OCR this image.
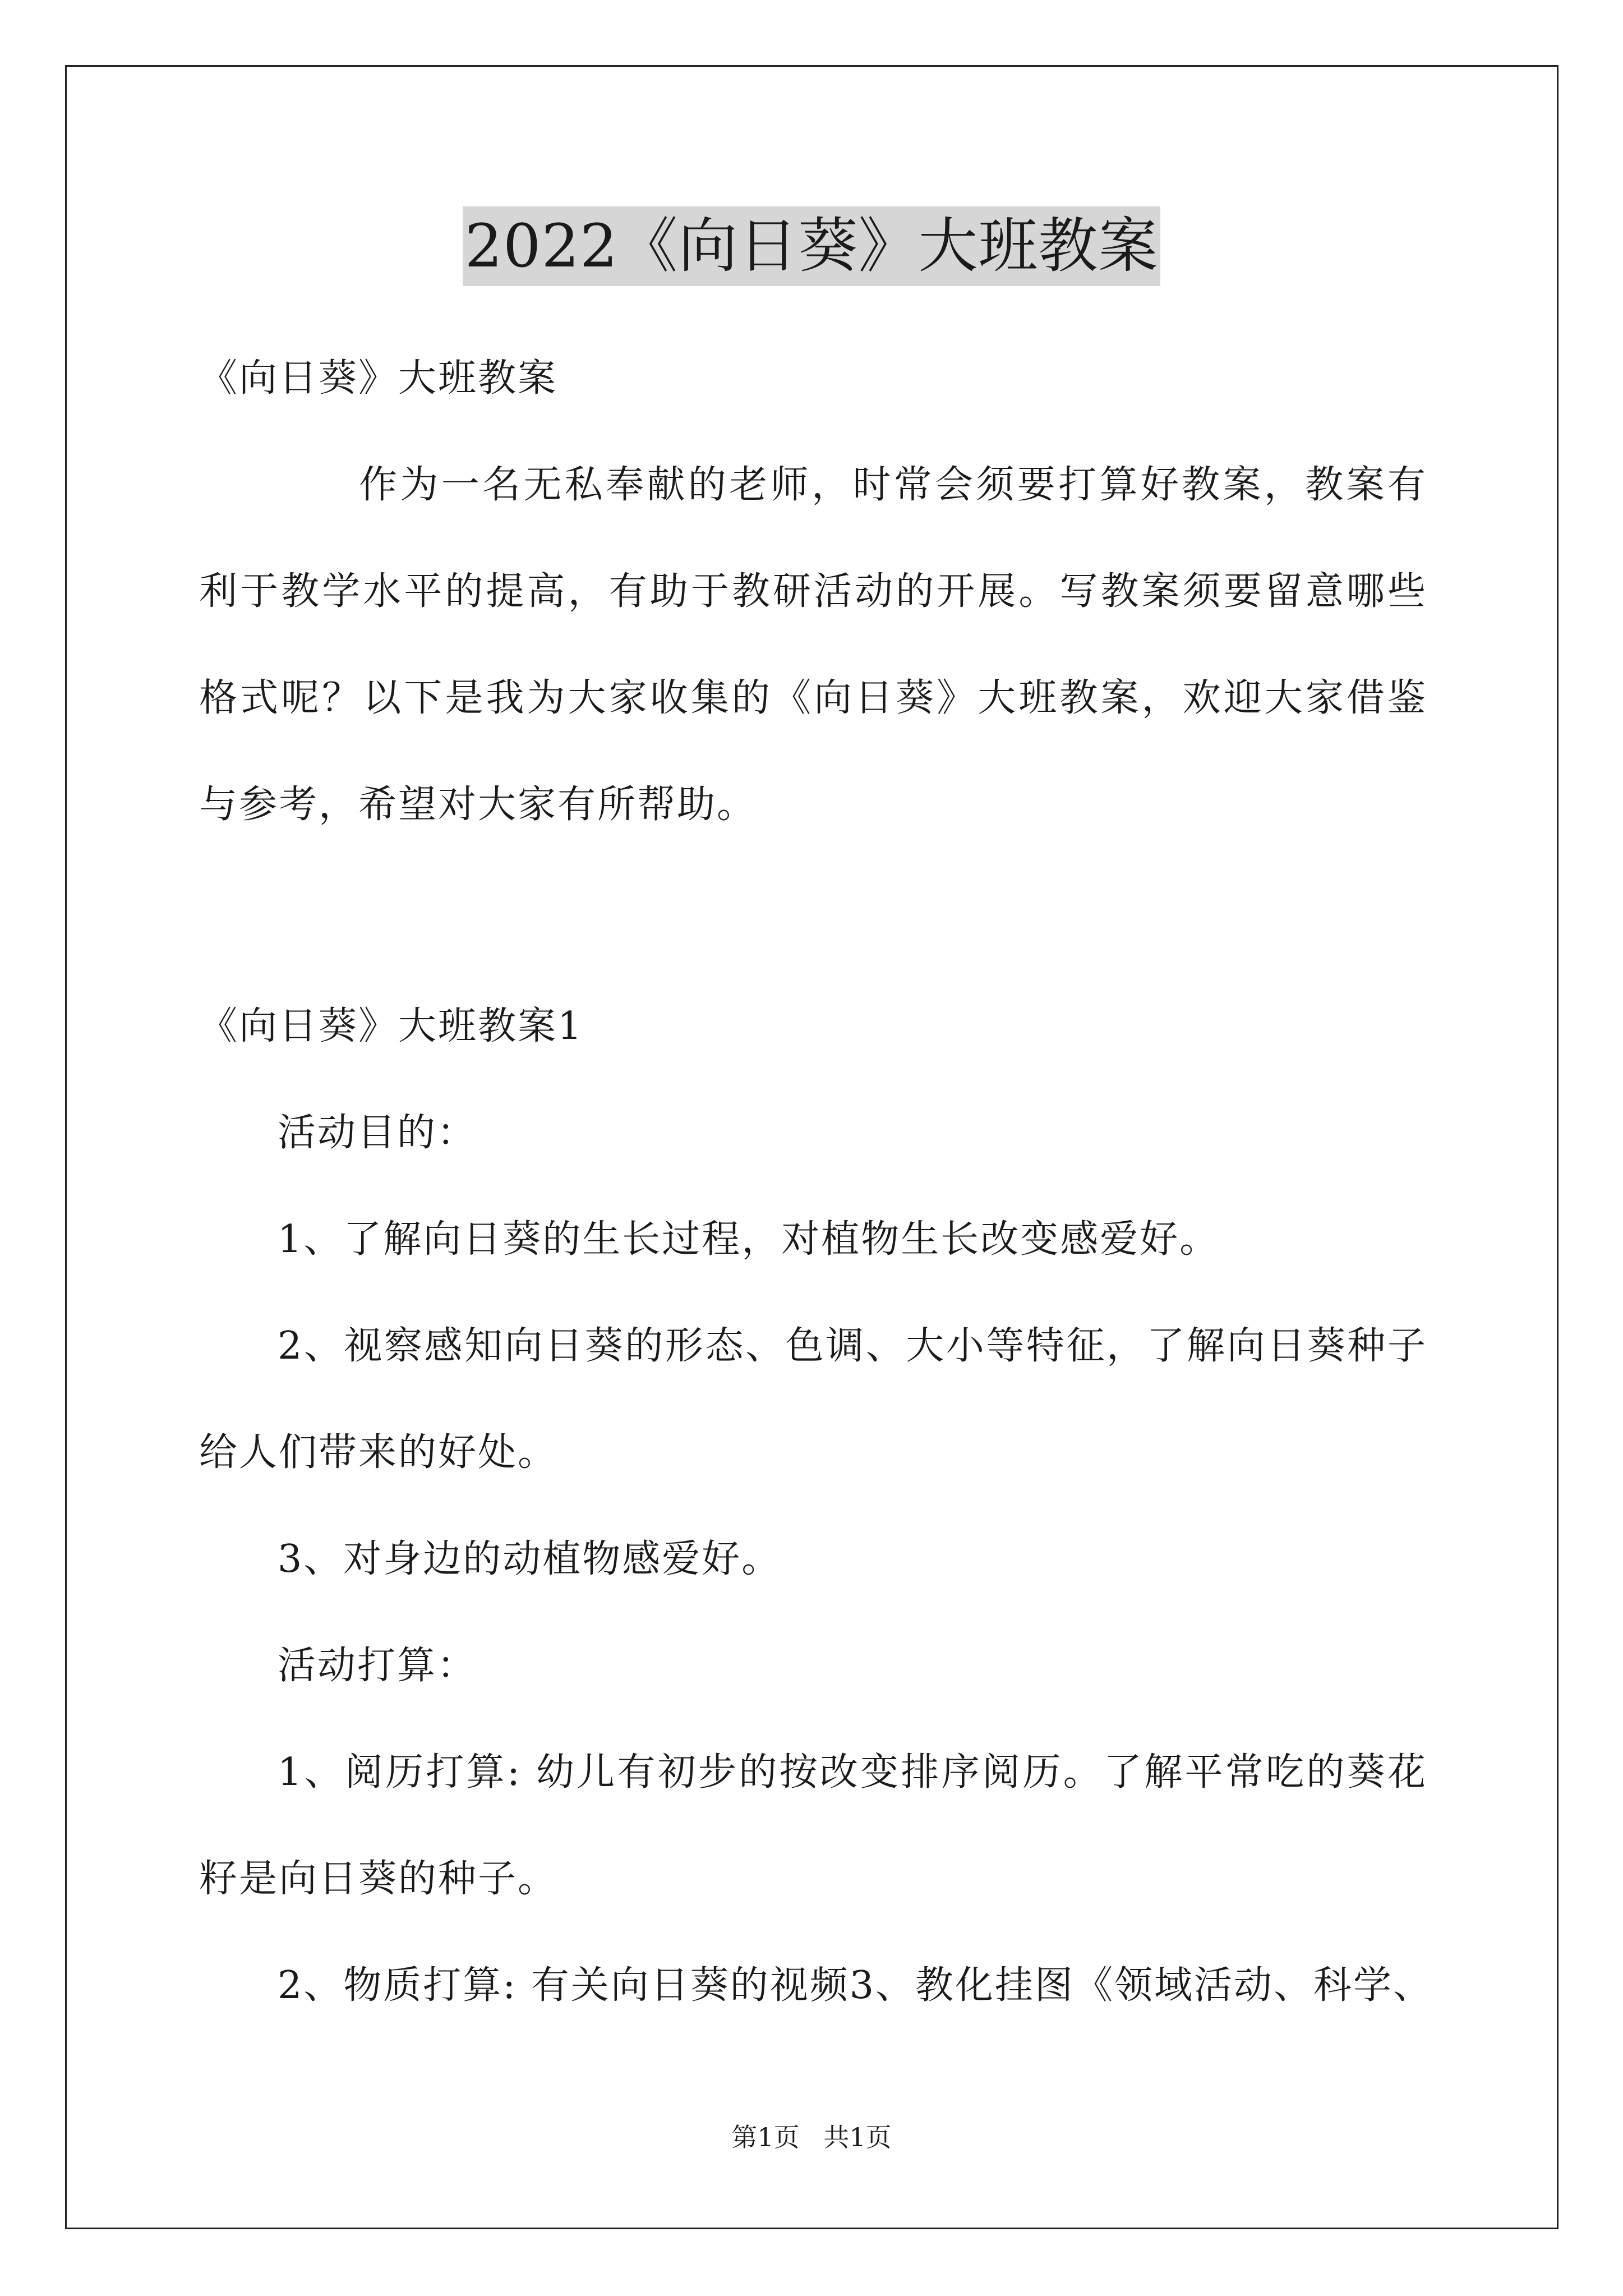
2022《向日葵》大班教案
《向日葵》大班教案
作为一名无私奉献的老师，时常会须要打算好教案，教案有
利于教学水平的提高，有助于教研活动的开展。写教案须要留意哪些
格式呢？以下是我为大家收集的《向日葵》大班教案，欢迎大家借鉴
与参考，希望对大家有所帮助。
《向日葵》大班教案1
活动目的：
1、了解向日葵的生长过程，对植物生长改变感爱好。
2、视察感知向日葵的形态、色调、大小等特征，了解向日葵种子
给人们带来的好处。
3、对身边的动植物感爱好。
活动打算：
1、阅历打算: 幼儿有初步的按改变排序阅历。了解平常吃的葵花
籽是向日葵的种子。
2、物质打算: 有关向日葵的视频3、教化挂图《领域活动、科学、
第1页 共1页
